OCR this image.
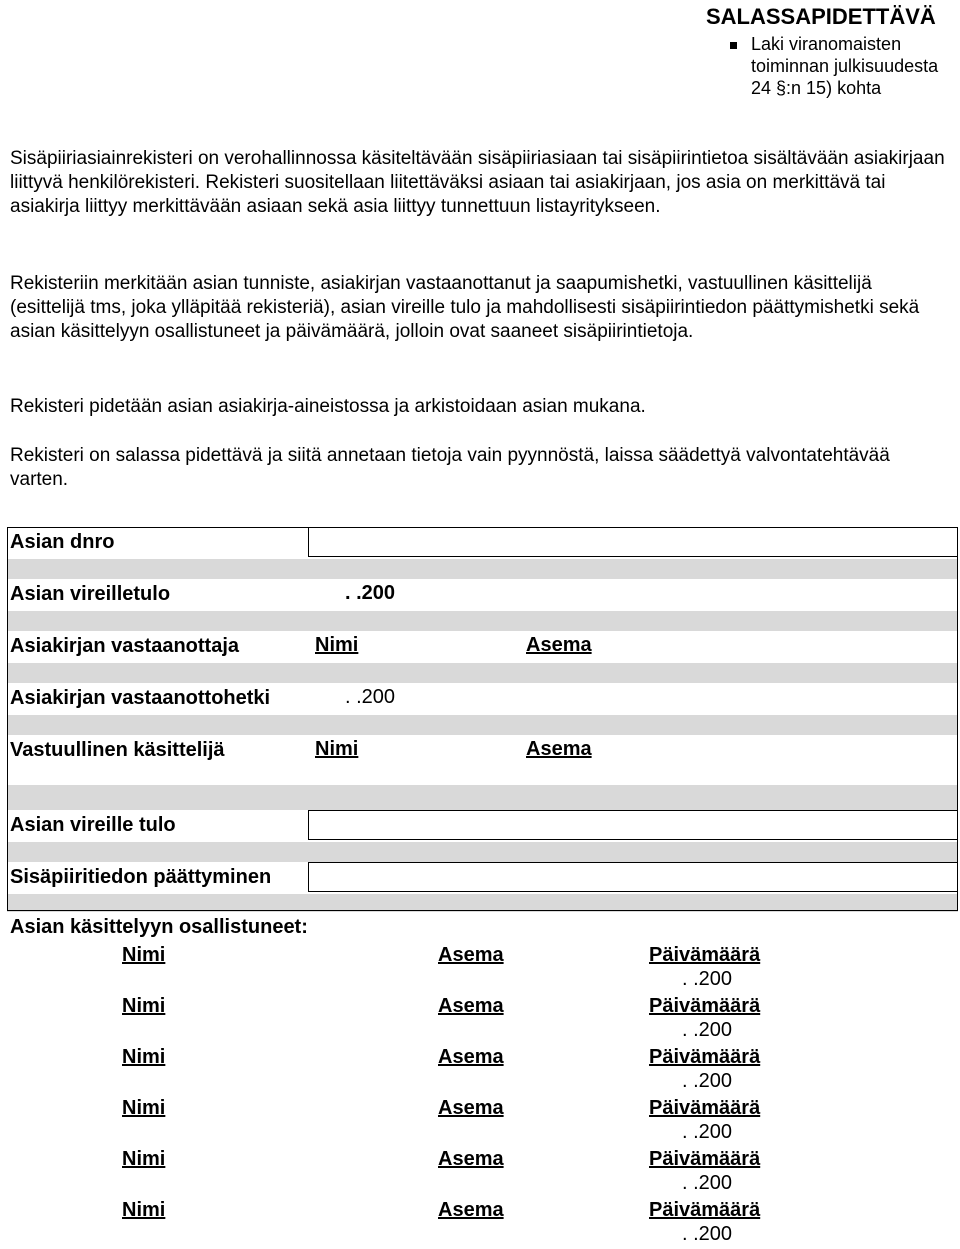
SALASSAPIDETTÄVÄ
Laki viranomaisten toiminnan julkisuudesta 24 §:n 15) kohta

Sisäpiiriasiainrekisteri on verohallinnossa käsiteltävään sisäpiiriasiaan tai sisäpiirintietoa sisältävään asiakirjaan liittyvä henkilörekisteri. Rekisteri suositellaan liitettäväksi asiaan tai asiakirjaan, jos asia on merkittävä tai asiakirja liittyy merkittävään asiaan sekä asia liittyy tunnettuun listayritykseen.

Rekisteriin merkitään asian tunniste, asiakirjan vastaanottanut ja saapumishetki, vastuullinen käsittelijä (esittelijä tms, joka ylläpitää rekisteriä), asian vireille tulo ja mahdollisesti sisäpiirintiedon päättymishetki sekä asian käsittelyyn osallistuneet ja päivämäärä, jolloin ovat saaneet sisäpiirintietoja.

Rekisteri pidetään asian asiakirja-aineistossa ja arkistoidaan asian mukana.

Rekisteri on salassa pidettävä ja siitä annetaan tietoja vain pyynnöstä, laissa säädettyä valvontatehtävää varten.

Asian dnro
Asian vireilletulo	. .200
Asiakirjan vastaanottaja	Nimi	Asema
Asiakirjan vastaanottohetki	. .200
Vastuullinen käsittelijä	Nimi	Asema
Asian vireille tulo
Sisäpiiritiedon päättyminen
Asian käsittelyyn osallistuneet:
Nimi	Asema	Päivämäärä
. .200
Nimi	Asema	Päivämäärä
. .200
Nimi	Asema	Päivämäärä
. .200
Nimi	Asema	Päivämäärä
. .200
Nimi	Asema	Päivämäärä
. .200
Nimi	Asema	Päivämäärä
. .200
